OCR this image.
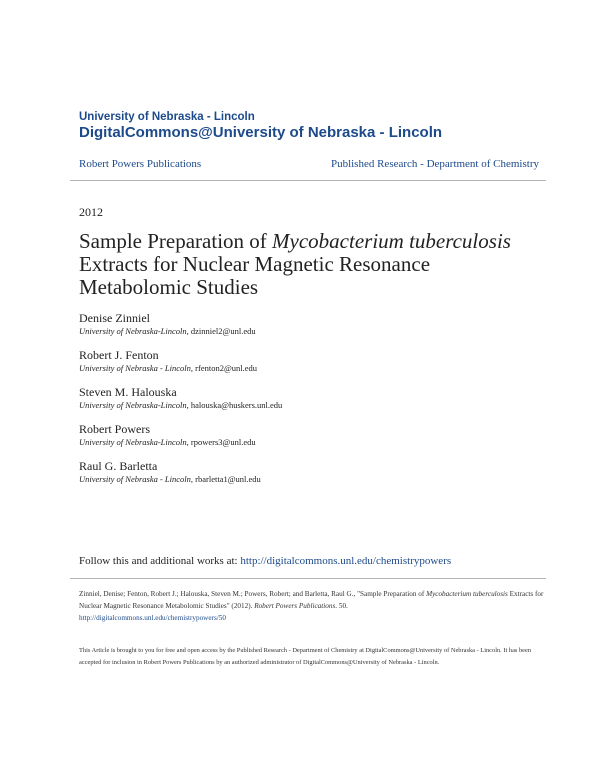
University of Nebraska - Lincoln
DigitalCommons@University of Nebraska - Lincoln
Robert Powers Publications	Published Research - Department of Chemistry
2012
Sample Preparation of Mycobacterium tuberculosis Extracts for Nuclear Magnetic Resonance Metabolomic Studies
Denise Zinniel
University of Nebraska-Lincoln, dzinniel2@unl.edu
Robert J. Fenton
University of Nebraska - Lincoln, rfenton2@unl.edu
Steven M. Halouska
University of Nebraska-Lincoln, halouska@huskers.unl.edu
Robert Powers
University of Nebraska-Lincoln, rpowers3@unl.edu
Raul G. Barletta
University of Nebraska - Lincoln, rbarletta1@unl.edu
Follow this and additional works at: http://digitalcommons.unl.edu/chemistrypowers
Zinniel, Denise; Fenton, Robert J.; Halouska, Steven M.; Powers, Robert; and Barletta, Raul G., "Sample Preparation of Mycobacterium tuberculosis Extracts for Nuclear Magnetic Resonance Metabolomic Studies" (2012). Robert Powers Publications. 50.
http://digitalcommons.unl.edu/chemistrypowers/50
This Article is brought to you for free and open access by the Published Research - Department of Chemistry at DigitalCommons@University of Nebraska - Lincoln. It has been accepted for inclusion in Robert Powers Publications by an authorized administrator of DigitalCommons@University of Nebraska - Lincoln.
